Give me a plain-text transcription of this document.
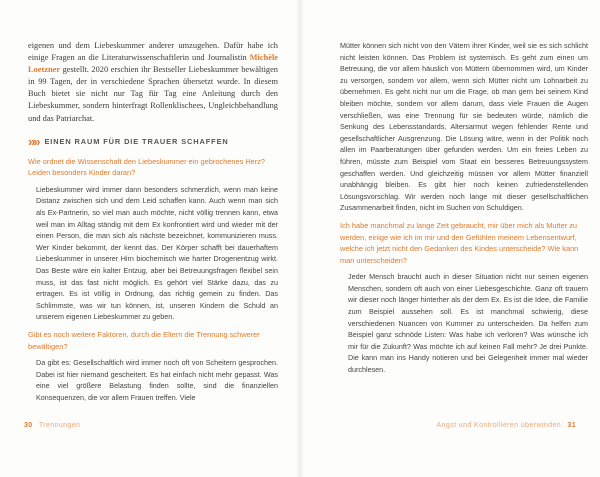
eigenen und dem Liebeskummer anderer umzugehen. Dafür habe ich einige Fragen an die Literaturwissenschaftlerin und Journalistin Michèle Loetzner gestellt. 2020 erschien ihr Bestseller Liebeskummer bewältigen in 99 Tagen, der in verschiedene Sprachen übersetzt wurde. In diesem Buch bietet sie nicht nur Tag für Tag eine Anleitung durch den Liebeskummer, sondern hinterfragt Rollenklischees, Ungleichbehandlung und das Patriarchat.

»» EINEN RAUM FÜR DIE TRAUER SCHAFFEN

Wie ordnet die Wissenschaft den Liebeskummer ein gebrochenes Herz? Leiden besonders Kinder daran?

Liebeskummer wird immer dann besonders schmerzlich, wenn man keine Distanz zwischen sich und dem Leid schaffen kann. Auch wenn man sich als Ex-Partnerin, so viel man auch möchte, nicht völlig trennen kann, etwa weil man im Alltag ständig mit dem Ex konfrontiert wird und wieder mit der einen Person, die man sich als nächste bezeichnet, kommunizieren muss. Wer Kinder bekommt, der kennt das. Der Körper schafft bei dauerhaftem Liebeskummer in unserer Hirn biochemisch wie harter Drogenentzug wirkt. Das Beste wäre ein kalter Entzug, aber bei Betreuungsfragen flexibel sein muss, ist das fast nicht möglich. Es gehört viel Stärke dazu, das zu ertragen. Es ist völlig in Ordnung, das richtig gemein zu finden. Das Schlimmste, was wir tun können, ist, unseren Kindern die Schuld an unserem eigenen Liebeskummer zu geben.

Gibt es noch weitere Faktoren, durch die Eltern die Trennung schwerer bewältigen?

Da gibt es: Gesellschaftlich wird immer noch oft von Scheitern gesprochen. Dabei ist hier niemand gescheitert. Es hat einfach nicht mehr gepasst. Was eine viel größere Belastung finden sollte, sind die finanziellen Konsequenzen, die vor allem Frauen treffen. Viele

30 Trennungen

Mütter können sich nicht von den Vätern ihrer Kinder, weil sie es sich schlicht nicht leisten können. Das Problem ist systemisch. Es geht zum einen um Betreuung, die vor allem häuslich von Müttern übernommen wird, um Kinder zu versorgen, sondern vor allem, wenn sich Mütter nicht um Lohnarbeit zu übernehmen. Es geht nicht nur um die Frage, ob man gern bei seinem Kind bleiben möchte, sondern vor allem darum, dass viele Frauen die Augen verschließen, was eine Trennung für sie bedeuten würde, nämlich die Senkung des Lebensstandards, Altersarmut wegen fehlender Rente und gesellschaftlicher Ausgrenzung. Die Lösung wäre, wenn in der Politik noch allen im Paarberatungen über gefunden werden. Um ein freies Leben zu führen, müsste zum Beispiel vom Staat ein besseres Betreuungssystem geschaffen werden. Und gleichzeitig müssen vor allem Mütter finanziell unabhängig bleiben. Es gibt hier noch keinen zufriedenstellenden Lösungsvorschlag. Wir werden noch lange mit dieser gesellschaftlichen Zusammenarbeit finden, nicht im Suchen von Schuldigen.

Ich habe manchmal zu lange Zeit gebraucht, mir über mich als Mutter zu werden, einige wie ich im mir und den Gefühlen meinem Lebensentwurf, welche ich jetzt nicht den Gedanken des Kindes unterscheide? Wie kann man unterscheiden?

Jeder Mensch braucht auch in dieser Situation nicht nur seinen eigenen Menschen, sondern oft auch von einer Liebesgeschichte. Ganz oft trauern wir dieser noch länger hinterher als der dem Ex. Es ist die Idee, die Familie zum Beispiel aussehen soll. Es ist manchmal schwierig, diese verschiedenen Nuancen von Kummer zu unterscheiden. Da helfen zum Beispiel ganz schnöde Listen: Was habe ich verloren? Was wünsche ich mir für die Zukunft? Was möchte ich auf keinen Fall mehr? Je drei Punkte. Die kann man ins Handy notieren und bei Gelegenheit immer mal wieder durchlesen.

Angst und Kontrollieren überwinden 31
